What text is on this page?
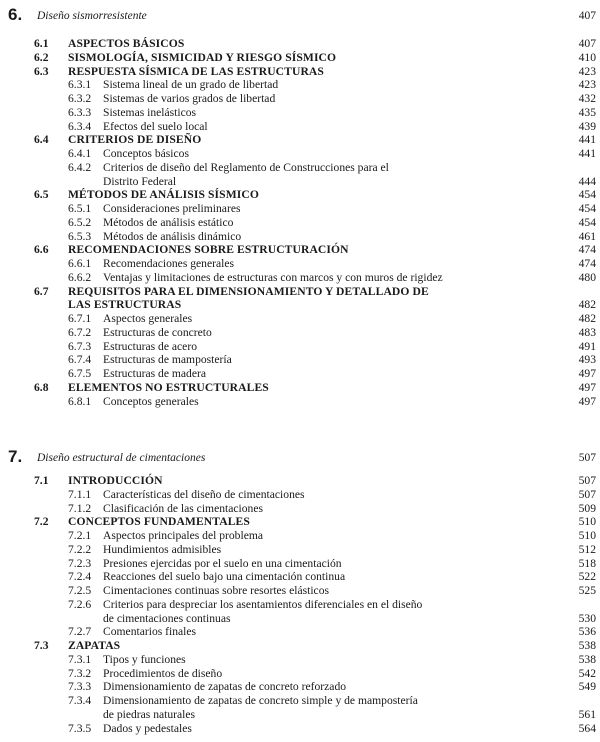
6. Diseño sismorresistente	407
6.1 ASPECTOS BÁSICOS	407
6.2 SISMOLOGÍA, SISMICIDAD Y RIESGO SÍSMICO	410
6.3 RESPUESTA SÍSMICA DE LAS ESTRUCTURAS	423
6.3.1 Sistema lineal de un grado de libertad	423
6.3.2 Sistemas de varios grados de libertad	432
6.3.3 Sistemas inelásticos	435
6.3.4 Efectos del suelo local	439
6.4 CRITERIOS DE DISEÑO	441
6.4.1 Conceptos básicos	441
6.4.2 Criterios de diseño del Reglamento de Construcciones para el
Distrito Federal	444
6.5 MÉTODOS DE ANÁLISIS SÍSMICO	454
6.5.1 Consideraciones preliminares	454
6.5.2 Métodos de análisis estático	454
6.5.3 Métodos de análisis dinámico	461
6.6 RECOMENDACIONES SOBRE ESTRUCTURACIÓN	474
6.6.1 Recomendaciones generales	474
6.6.2 Ventajas y limitaciones de estructuras con marcos y con muros de rigidez	480
6.7 REQUISITOS PARA EL DIMENSIONAMIENTO Y DETALLADO DE
LAS ESTRUCTURAS	482
6.7.1 Aspectos generales	482
6.7.2 Estructuras de concreto	483
6.7.3 Estructuras de acero	491
6.7.4 Estructuras de mampostería	493
6.7.5 Estructuras de madera	497
6.8 ELEMENTOS NO ESTRUCTURALES	497
6.8.1 Conceptos generales	497
7. Diseño estructural de cimentaciones	507
7.1 INTRODUCCIÓN	507
7.1.1 Características del diseño de cimentaciones	507
7.1.2 Clasificación de las cimentaciones	509
7.2 CONCEPTOS FUNDAMENTALES	510
7.2.1 Aspectos principales del problema	510
7.2.2 Hundimientos admisibles	512
7.2.3 Presiones ejercidas por el suelo en una cimentación	518
7.2.4 Reacciones del suelo bajo una cimentación continua	522
7.2.5 Cimentaciones continuas sobre resortes elásticos	525
7.2.6 Criterios para despreciar los asentamientos diferenciales en el diseño
de cimentaciones continuas	530
7.2.7 Comentarios finales	536
7.3 ZAPATAS	538
7.3.1 Tipos y funciones	538
7.3.2 Procedimientos de diseño	542
7.3.3 Dimensionamiento de zapatas de concreto reforzado	549
7.3.4 Dimensionamiento de zapatas de concreto simple y de mampostería
de piedras naturales	561
7.3.5 Dados y pedestales	564
